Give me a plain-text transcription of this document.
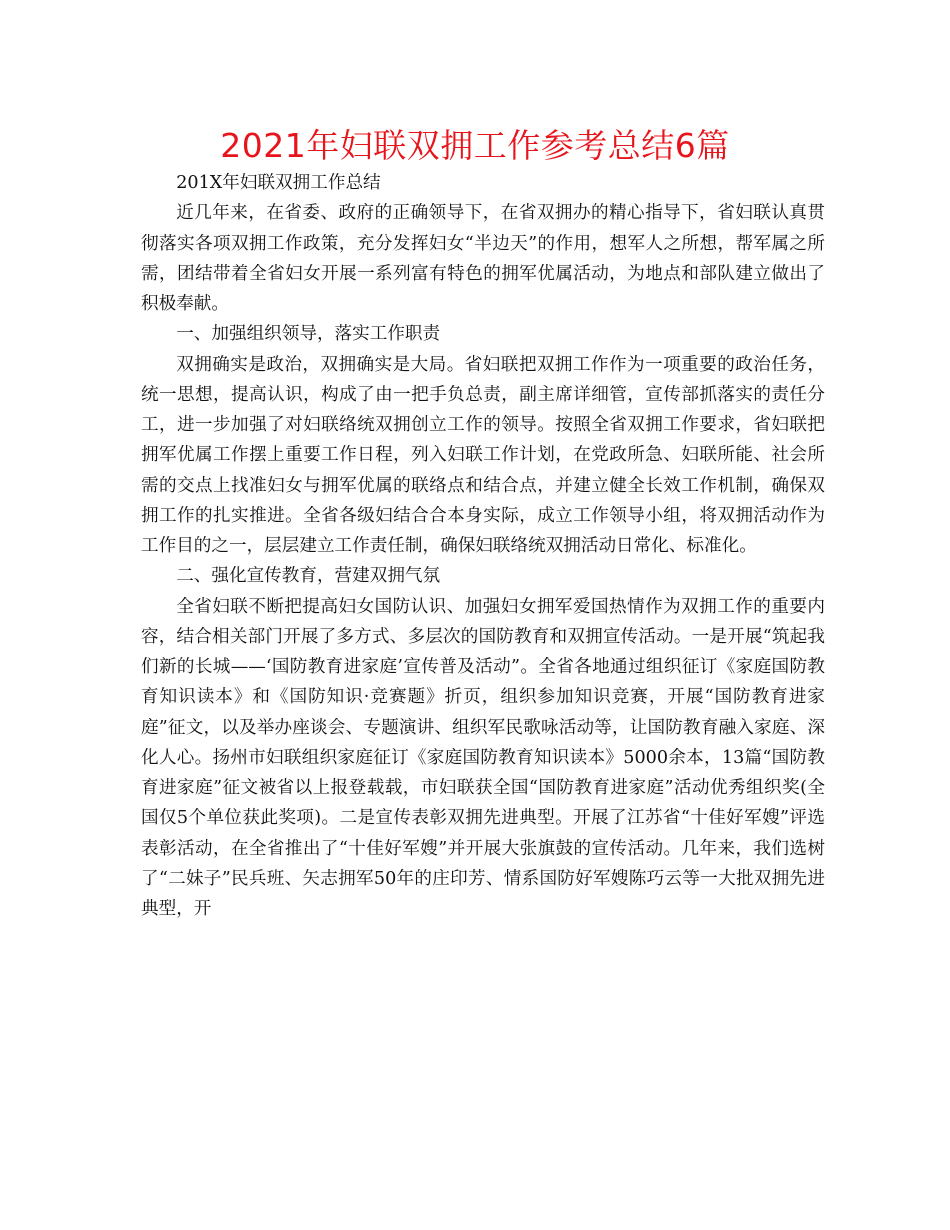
2021年妇联双拥工作参考总结6篇

201X年妇联双拥工作总结

近几年来，在省委、政府的正确领导下，在省双拥办的精心指导下，省妇联认真贯彻落实各项双拥工作政策，充分发挥妇女“半边天”的作用，想军人之所想，帮军属之所需，团结带着全省妇女开展一系列富有特色的拥军优属活动，为地点和部队建立做出了积极奉献。

一、加强组织领导，落实工作职责

双拥确实是政治，双拥确实是大局。省妇联把双拥工作作为一项重要的政治任务，统一思想，提高认识，构成了由一把手负总责，副主席详细管，宣传部抓落实的责任分工，进一步加强了对妇联络统双拥创立工作的领导。按照全省双拥工作要求，省妇联把拥军优属工作摆上重要工作日程，列入妇联工作计划，在党政所急、妇联所能、社会所需的交点上找准妇女与拥军优属的联络点和结合点，并建立健全长效工作机制，确保双拥工作的扎实推进。全省各级妇结合合本身实际，成立工作领导小组，将双拥活动作为工作目的之一，层层建立工作责任制，确保妇联络统双拥活动日常化、标准化。

二、强化宣传教育，营建双拥气氛

全省妇联不断把提高妇女国防认识、加强妇女拥军爱国热情作为双拥工作的重要内容，结合相关部门开展了多方式、多层次的国防教育和双拥宣传活动。一是开展“筑起我们新的长城——‘国防教育进家庭’宣传普及活动”。全省各地通过组织征订《家庭国防教育知识读本》和《国防知识·竞赛题》折页，组织参加知识竞赛，开展“国防教育进家庭”征文，以及举办座谈会、专题演讲、组织军民歌咏活动等，让国防教育融入家庭、深化人心。扬州市妇联组织家庭征订《家庭国防教育知识读本》5000余本，13篇“国防教育进家庭”征文被省以上报登载载，市妇联获全国“国防教育进家庭”活动优秀组织奖(全国仅5个单位获此奖项)。二是宣传表彰双拥先进典型。开展了江苏省“十佳好军嫂”评选表彰活动，在全省推出了“十佳好军嫂”并开展大张旗鼓的宣传活动。几年来，我们选树了“二妹子”民兵班、矢志拥军50年的庄印芳、情系国防好军嫂陈巧云等一大批双拥先进典型，开
